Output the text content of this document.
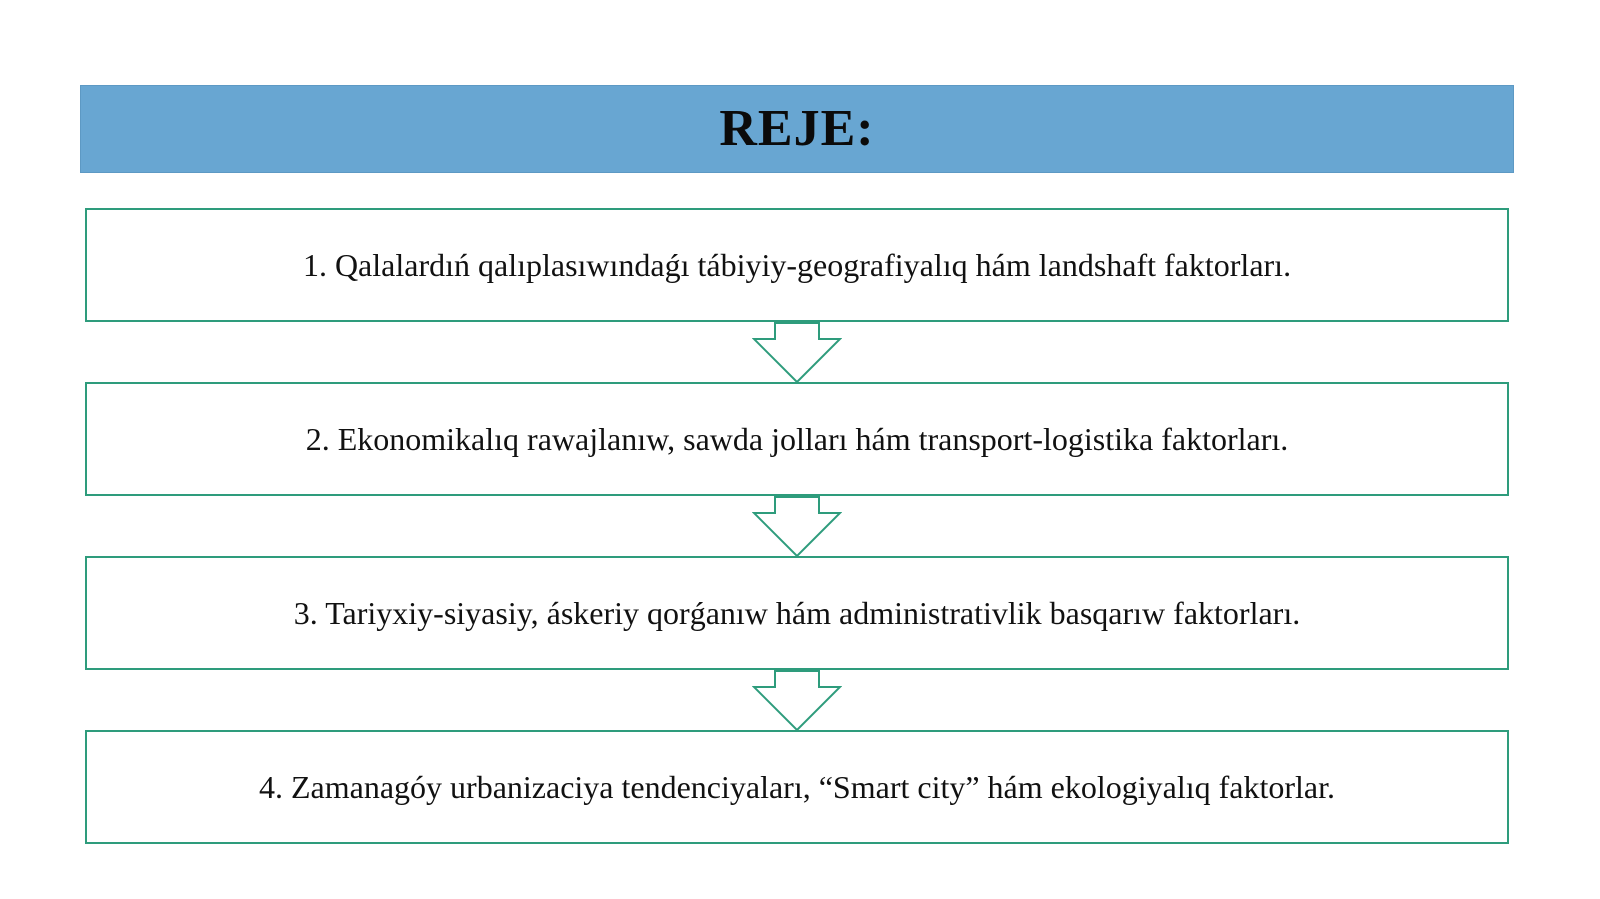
REJE:
1. Qalalardıń qalıplasıwındaǵı tábiyiy-geografiyalıq hám landshaft faktorları.
2. Ekonomikalıq rawajlanıw, sawda jolları hám transport-logistika faktorları.
3. Tariyxiy-siyasiy, áskeriy qorǵanıw hám administrativlik basqarıw faktorları.
4. Zamanagóy urbanizaciya tendenciyaları, “Smart city” hám ekologiyalıq faktorlar.
